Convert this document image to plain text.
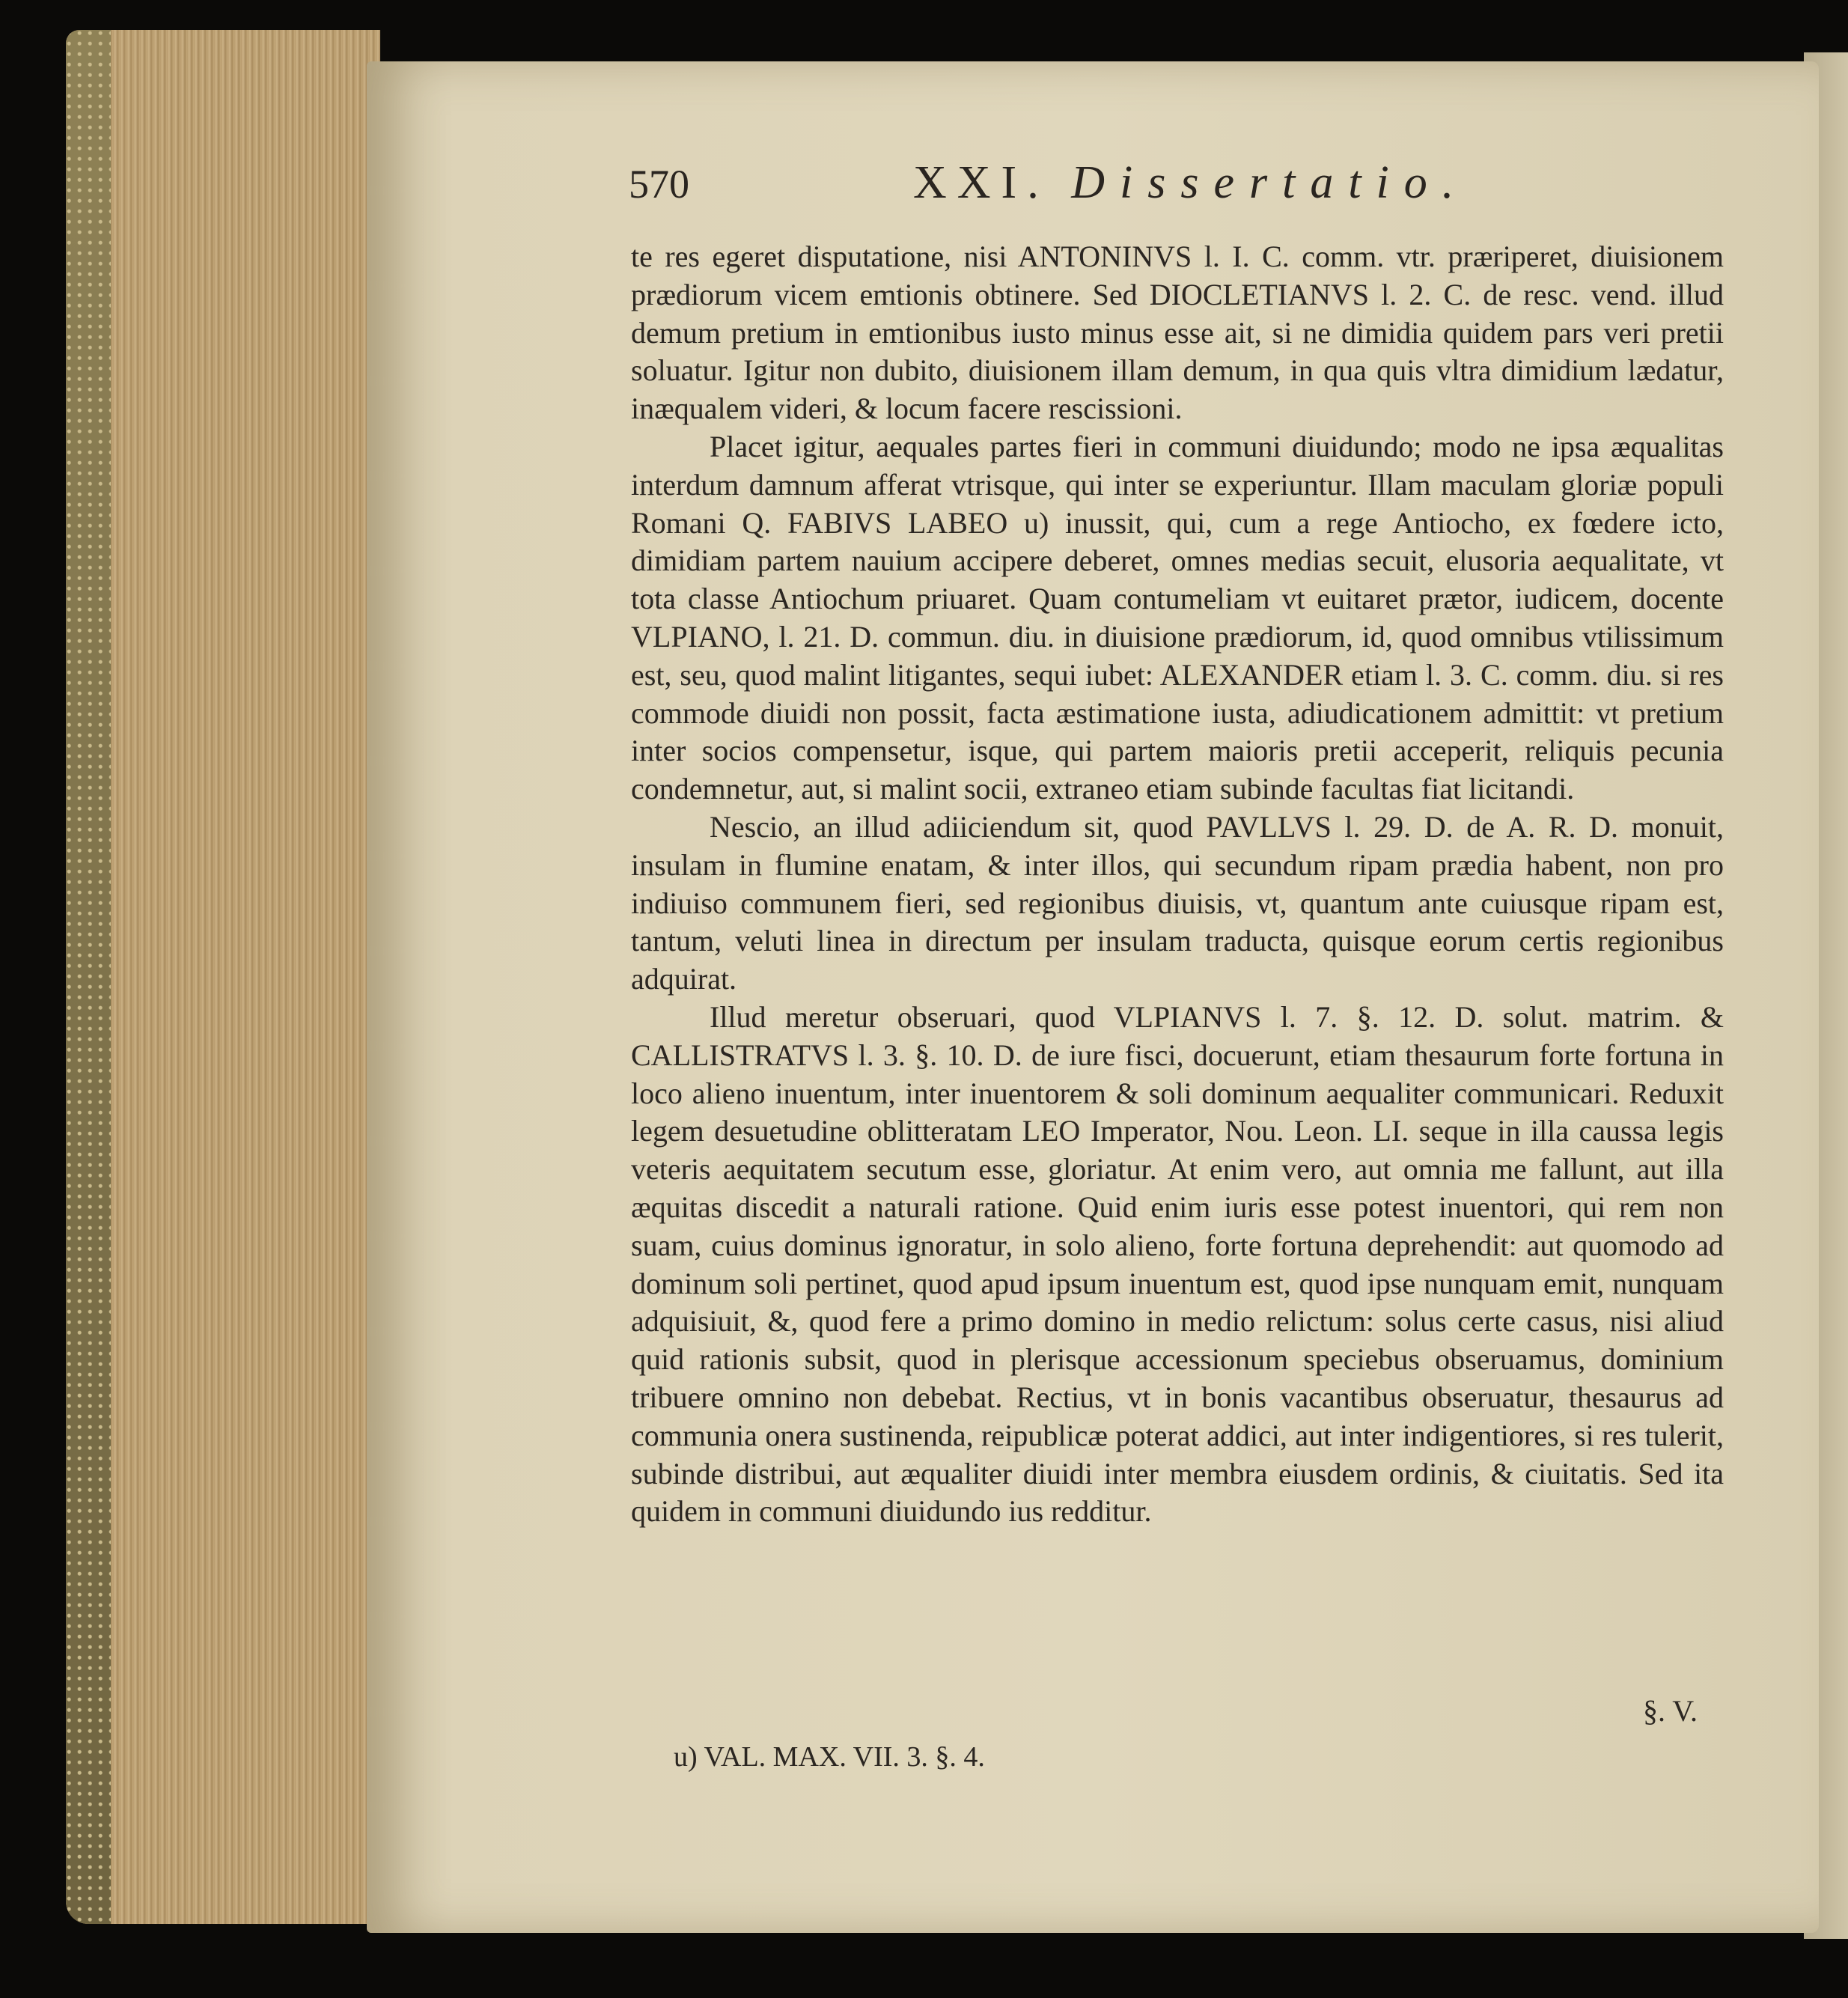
570	XXI. Dissertatio.

te res egeret disputatione, nisi ANTONINVS l. I. C. comm. vtr. præriperet, diuisionem prædiorum vicem emtionis obtinere. Sed DIOCLETIANVS l. 2. C. de resc. vend. illud demum pretium in emtionibus iusto minus esse ait, si ne dimidia quidem pars veri pretii soluatur. Igitur non dubito, diuisionem illam demum, in qua quis vltra dimidium lædatur, inæqualem videri, & locum facere rescissioni.

Placet igitur, aequales partes fieri in communi diuidundo; modo ne ipsa æqualitas interdum damnum afferat vtrisque, qui inter se experiuntur. Illam maculam gloriæ populi Romani Q. FABIVS LABEO u) inussit, qui, cum a rege Antiocho, ex fœdere icto, dimidiam partem nauium accipere deberet, omnes medias secuit, elusoria aequalitate, vt tota classe Antiochum priuaret. Quam contumeliam vt euitaret prætor, iudicem, docente VLPIANO, l. 21. D. commun. diu. in diuisione prædiorum, id, quod omnibus vtilissimum est, seu, quod malint litigantes, sequi iubet: ALEXANDER etiam l. 3. C. comm. diu. si res commode diuidi non possit, facta æstimatione iusta, adiudicationem admittit: vt pretium inter socios compensetur, isque, qui partem maioris pretii acceperit, reliquis pecunia condemnetur, aut, si malint socii, extraneo etiam subinde facultas fiat licitandi.

Nescio, an illud adiiciendum sit, quod PAVLLVS l. 29. D. de A. R. D. monuit, insulam in flumine enatam, & inter illos, qui secundum ripam prædia habent, non pro indiuiso communem fieri, sed regionibus diuisis, vt, quantum ante cuiusque ripam est, tantum, veluti linea in directum per insulam traducta, quisque eorum certis regionibus adquirat.

Illud meretur obseruari, quod VLPIANVS l. 7. §. 12. D. solut. matrim. & CALLISTRATVS l. 3. §. 10. D. de iure fisci, docuerunt, etiam thesaurum forte fortuna in loco alieno inuentum, inter inuentorem & soli dominum aequaliter communicari. Reduxit legem desuetudine oblitteratam LEO Imperator, Nou. Leon. LI. seque in illa caussa legis veteris aequitatem secutum esse, gloriatur. At enim vero, aut omnia me fallunt, aut illa æquitas discedit a naturali ratione. Quid enim iuris esse potest inuentori, qui rem non suam, cuius dominus ignoratur, in solo alieno, forte fortuna deprehendit: aut quomodo ad dominum soli pertinet, quod apud ipsum inuentum est, quod ipse nunquam emit, nunquam adquisiuit, &, quod fere a primo domino in medio relictum: solus certe casus, nisi aliud quid rationis subsit, quod in plerisque accessionum speciebus obseruamus, dominium tribuere omnino non debebat. Rectius, vt in bonis vacantibus obseruatur, thesaurus ad communia onera sustinenda, reipublicæ poterat addici, aut inter indigentiores, si res tulerit, subinde distribui, aut æqualiter diuidi inter membra eiusdem ordinis, & ciuitatis. Sed ita quidem in communi diuidundo ius redditur.

§. V.
u) VAL. MAX. VII. 3. §. 4.
